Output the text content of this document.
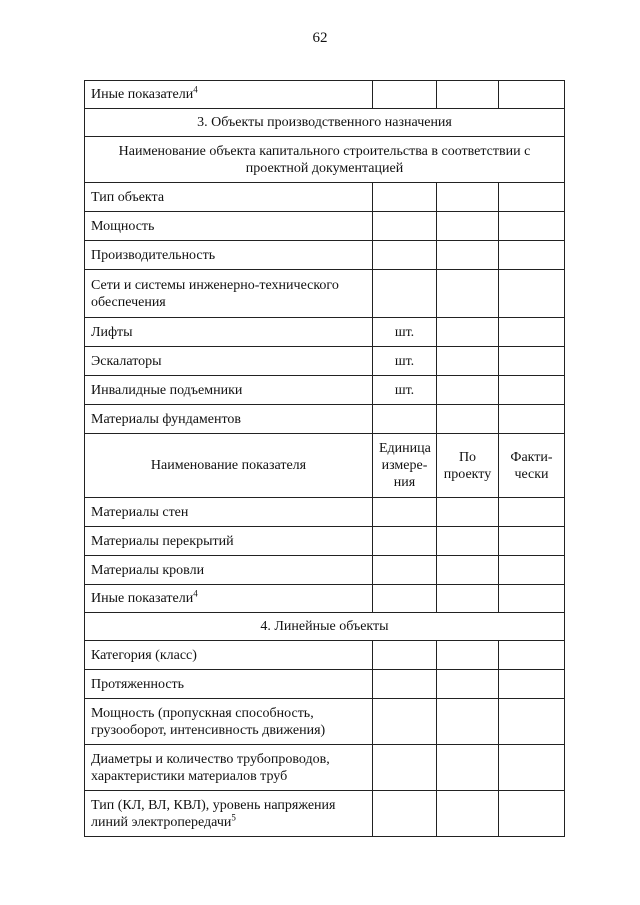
62
Иные показатели$^4$			
3. Объекты производственного назначения			
Наименование объекта капитального строительства в соответствии с проектной документацией			
Тип объекта			
Мощность			
Производительность			
Сети и системы инженерно-технического обеспечения			
Лифты	шт.		
Эскалаторы	шт.		
Инвалидные подъемники	шт.		
Материалы фундаментов			
Наименование показателя	Единица измере-ния	По проекту	Факти-чески
Материалы стен			
Материалы перекрытий			
Материалы кровли			
Иные показатели$^4$			
4. Линейные объекты			
Категория (класс)			
Протяженность			
Мощность (пропускная способность, грузооборот, интенсивность движения)			
Диаметры и количество трубопроводов, характеристики материалов труб			
Тип (КЛ, ВЛ, КВЛ), уровень напряжения линий электропередачи$^5$			
